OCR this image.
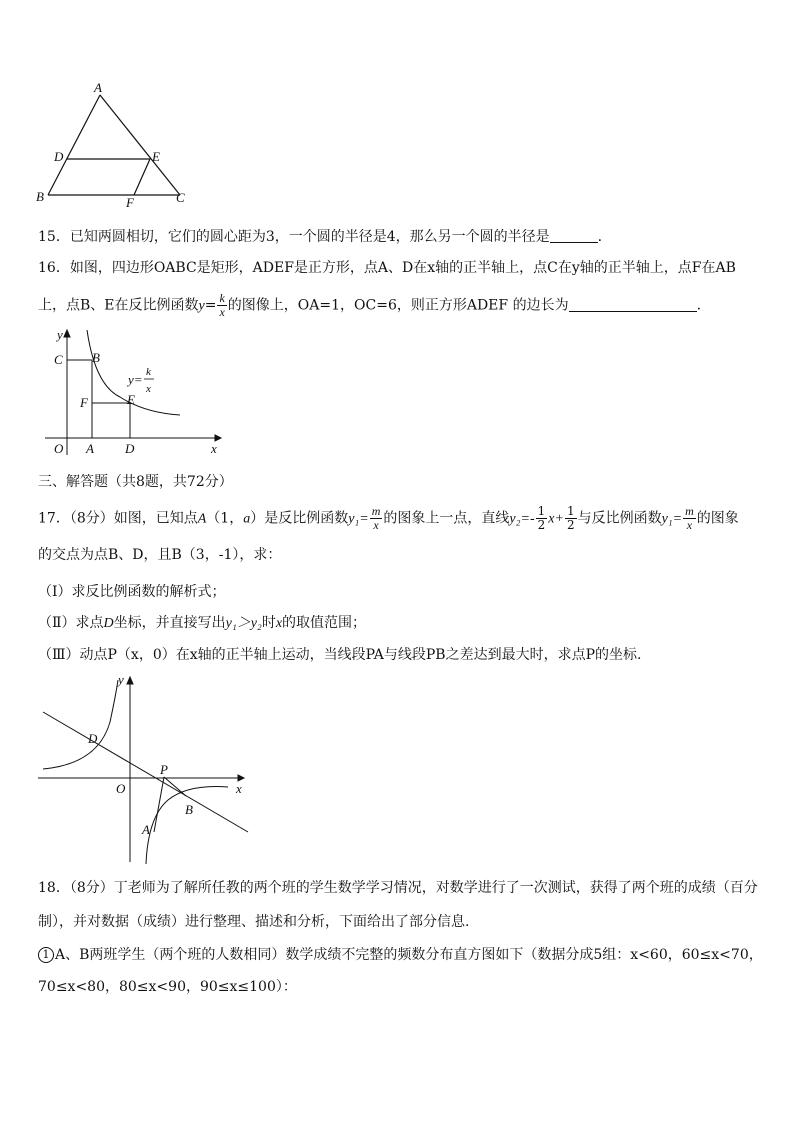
A
D	E
B	F	C
15．已知两圆相切，它们的圆心距为3，一个圆的半径是4，那么另一个圆的半径是	.
16．如图，四边形OABC是矩形，ADEF是正方形，点A、D在x轴的正半轴上，点C在y轴的正半轴上，点F在AB
上，点B、E在反比例函数$y= \frac{k}{x}$ 的图像上，OA=1，OC=6，则正方形ADEF 的边长为	.
y
C B
F	E
O A D	x
y= k
x
三、解答题（共8题，共72分）
17．（8分）如图，已知点A（1，a）是反比例函数$y_1= \frac{m}{x}$ 的图象上一点，直线$y_2=- \frac{1}{2} x+ \frac{1}{2}$ 与反比例函数$y_1= \frac{m}{x}$ 的图象
的交点为点B、D，且B（3，-1），求：
（Ⅰ）求反比例函数的解析式；
（Ⅱ）求点D坐标，并直接写出y₁＞y₂时x的取值范围；
（Ⅲ）动点P（x，0）在x轴的正半轴上运动，当线段PA与线段PB之差达到最大时，求点P的坐标.
y
D
P
O	x
B
A
18．（8分）丁老师为了解所任教的两个班的学生数学学习情况，对数学进行了一次测试，获得了两个班的成绩（百分
制），并对数据（成绩）进行整理、描述和分析，下面给出了部分信息.
1 A、B两班学生（两个班的人数相同）数学成绩不完整的频数分布直方图如下（数据分成5组：x<60，60≤x<70，
70≤x<80，80≤x<90，90≤x≤100）：
